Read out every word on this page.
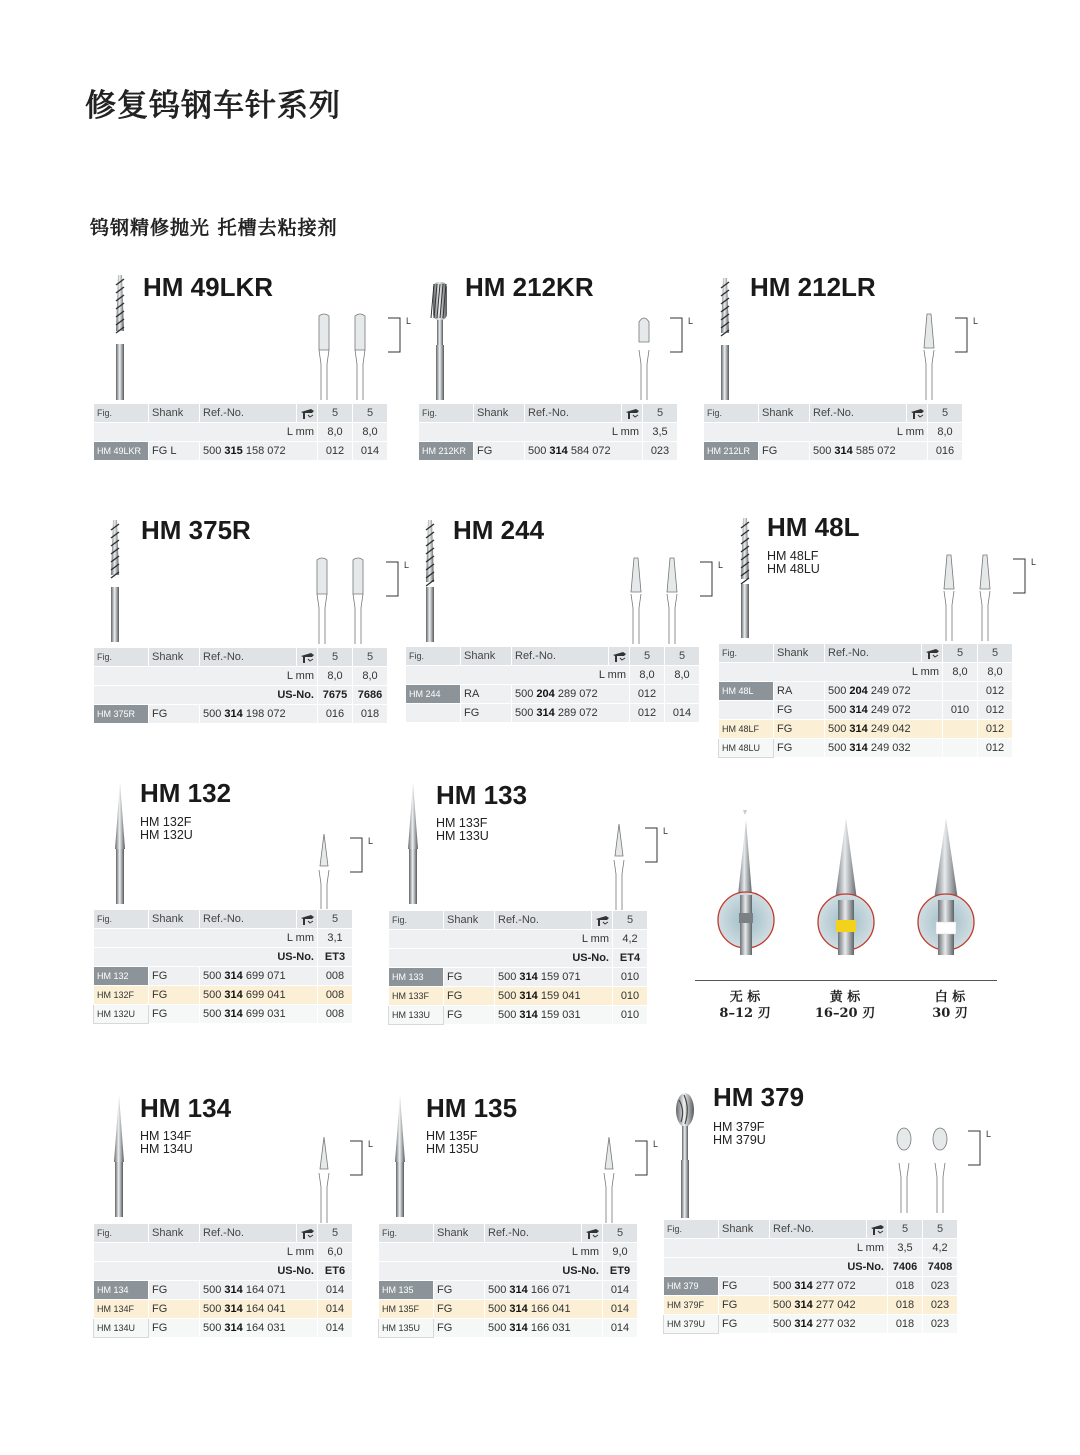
修复钨钢车针系列
钨钢精修抛光 托槽去粘接剂
HM 49LKR
L
Fig.	Shank	Ref.-No.		5	5
L mm				8,0	8,0
HM 49LKR	FG L	500 315 158 072		012	014
HM 212KR
L
Fig.	Shank	Ref.-No.		5
L mm				3,5
HM 212KR	FG	500 314 584 072		023
HM 212LR
L
Fig.	Shank	Ref.-No.		5
L mm				8,0
HM 212LR	FG	500 314 585 072		016
HM 375R
L
Fig.	Shank	Ref.-No.		5	5
L mm				8,0	8,0
US-No.				7675	7686
HM 375R	FG	500 314 198 072		016	018
HM 244
L
Fig.	Shank	Ref.-No.		5	5
L mm				8,0	8,0
HM 244	RA	500 204 289 072		012	
	FG	500 314 289 072		012	014
HM 48L
HM 48LF
HM 48LU	L
Fig.	Shank	Ref.-No.		5	5
L mm				8,0	8,0
HM 48L	RA	500 204 249 072			012
	FG	500 314 249 072		010	012
HM 48LF	FG	500 314 249 042			012
HM 48LU	FG	500 314 249 032			012
HM 132
HM 132F
HM 132U	L
Fig.	Shank	Ref.-No.		5
L mm				3,1
US-No.				ET3
HM 132	FG	500 314 699 071		008
HM 132F	FG	500 314 699 041		008
HM 132U	FG	500 314 699 031		008
HM 133
HM 133F
HM 133U	L
Fig.	Shank	Ref.-No.		5
L mm				4,2
US-No.				ET4
HM 133	FG	500 314 159 071		010
HM 133F	FG	500 314 159 041		010
HM 133U	FG	500 314 159 031		010
HM 134
HM 134F
HM 134U	L
Fig.	Shank	Ref.-No.		5
L mm				6,0
US-No.				ET6
HM 134	FG	500 314 164 071		014
HM 134F	FG	500 314 164 041		014
HM 134U	FG	500 314 164 031		014
HM 135
HM 135F
HM 135U	L
Fig.	Shank	Ref.-No.		5
L mm				9,0
US-No.				ET9
HM 135	FG	500 314 166 071		014
HM 135F	FG	500 314 166 041		014
HM 135U	FG	500 314 166 031		014
HM 379
HM 379F
HM 379U	L
Fig.	Shank	Ref.-No.		5	5
L mm				3,5	4,2
US-No.				7406	7408
HM 379	FG	500 314 277 072		018	023
HM 379F	FG	500 314 277 042		018	023
HM 379U	FG	500 314 277 032		018	023
无 标
8–12 刃
黄 标
16–20 刃
白 标
30 刃
